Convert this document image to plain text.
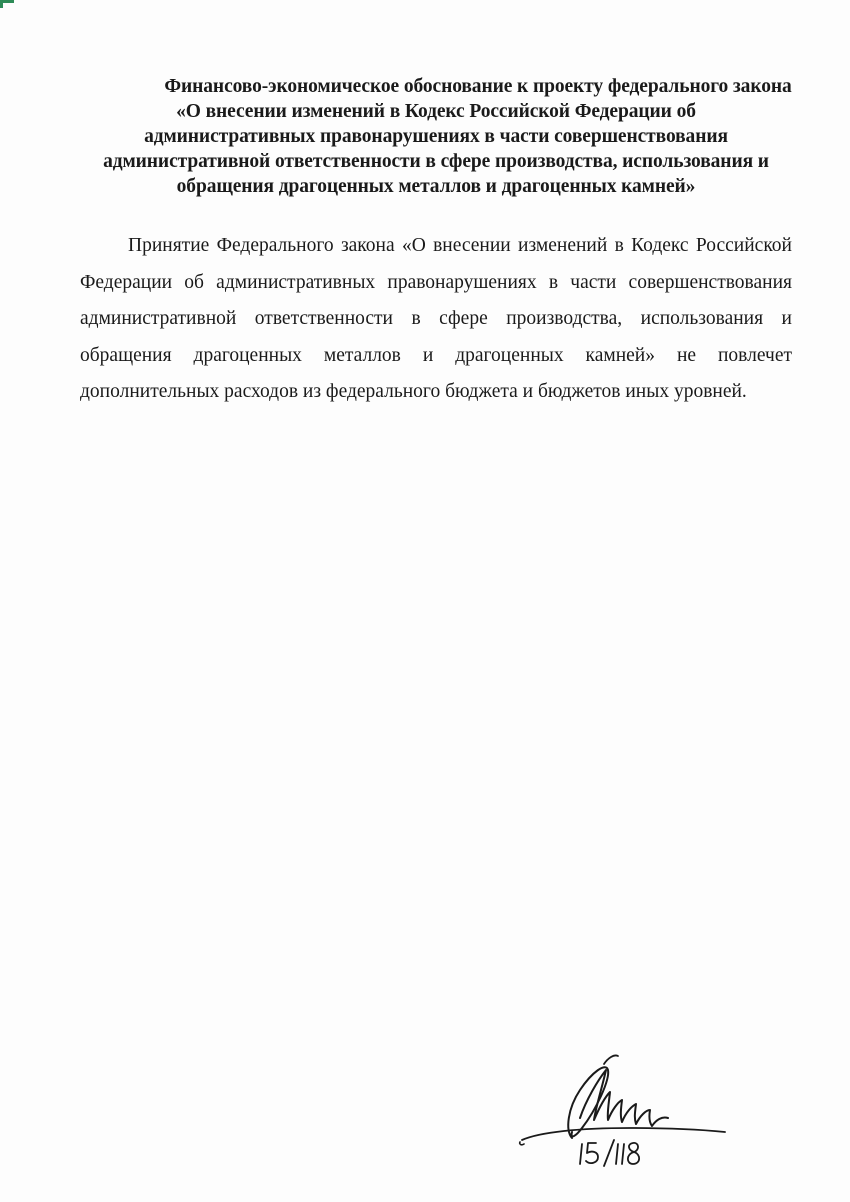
Финансово-экономическое обоснование к проекту федерального закона
«О внесении изменений в Кодекс Российской Федерации об
административных правонарушениях в части совершенствования
административной ответственности в сфере производства, использования и
обращения драгоценных металлов и драгоценных камней»

Принятие Федерального закона «О внесении изменений в Кодекс Российской
Федерации об административных правонарушениях в части совершенствования
административной ответственности в сфере производства, использования и
обращения драгоценных металлов и драгоценных камней» не повлечет
дополнительных расходов из федерального бюджета и бюджетов иных уровней.
